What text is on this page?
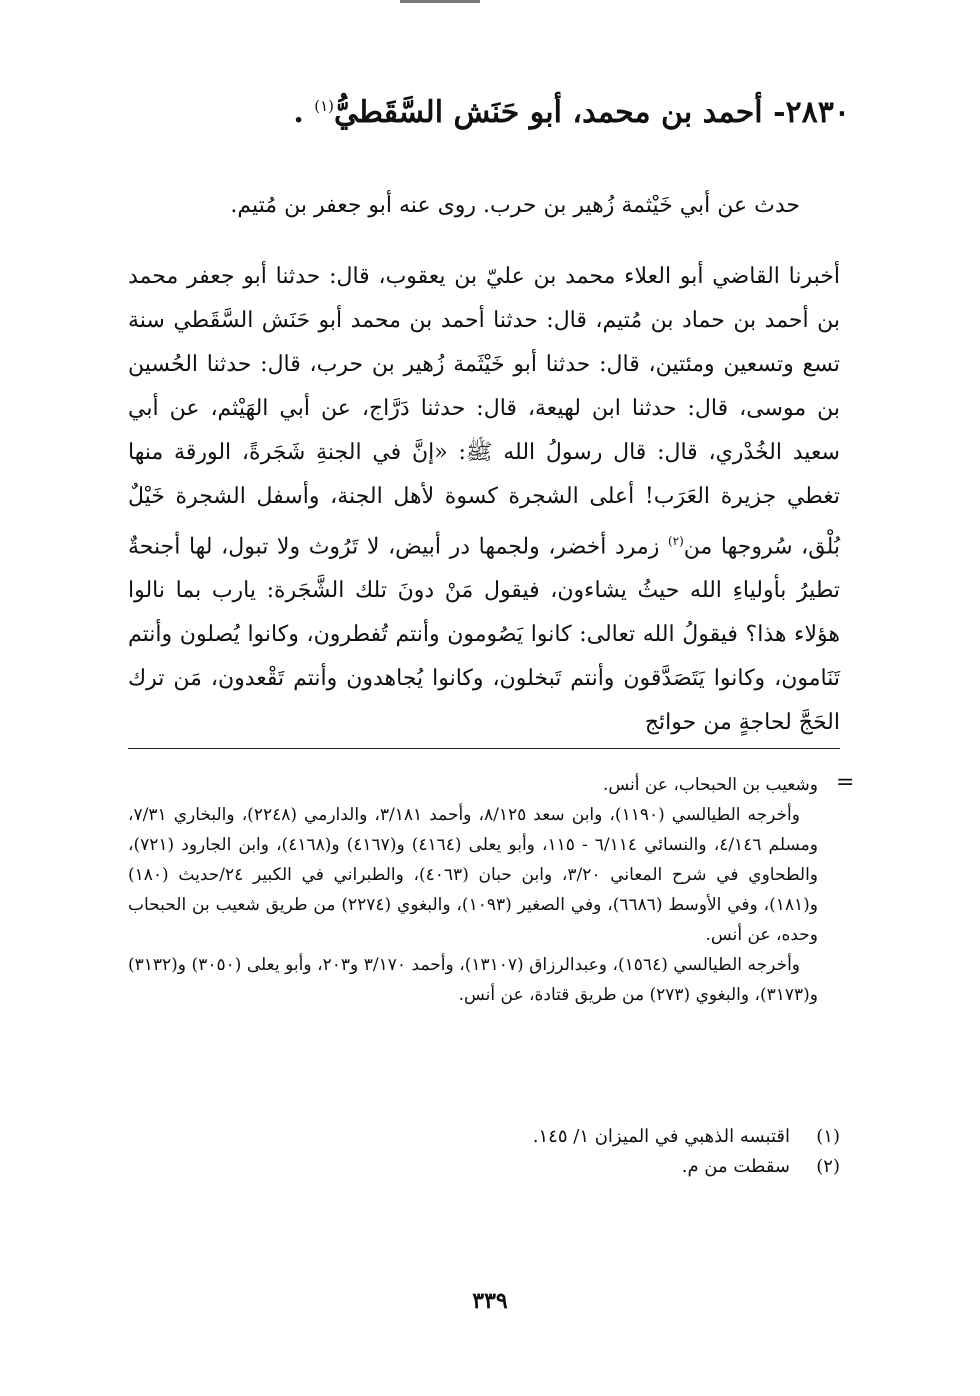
٢٨٣٠- أحمد بن محمد، أبو حَنَش السَّقَطيُّ$^{(١)}$ .
حدث عن أبي خَيْثمة زُهير بن حرب. روى عنه أبو جعفر بن مُتيم.

أخبرنا القاضي أبو العلاء محمد بن عليّ بن يعقوب، قال: حدثنا أبو جعفر محمد بن أحمد بن حماد بن مُتيم، قال: حدثنا أحمد بن محمد أبو حَنَش السَّقَطي سنة تسع وتسعين ومئتين، قال: حدثنا أبو خَيْثَمة زُهير بن حرب، قال: حدثنا الحُسين بن موسى، قال: حدثنا ابن لهيعة، قال: حدثنا دَرَّاج، عن أبي الهَيْثم، عن أبي سعيد الخُدْري، قال: قال رسولُ الله ﷺ: «إنَّ في الجنةِ شَجَرةً، الورقة منها تغطي جزيرة العَرَب! أعلى الشجرة كسوة لأهل الجنة، وأسفل الشجرة خَيْلٌ بُلْق، سُروجها من$^{(٢)}$ زمرد أخضر، ولجمها در أبيض، لا تَرُوث ولا تبول، لها أجنحةٌ تطيرُ بأولياءِ الله حيثُ يشاءون، فيقول مَنْ دونَ تلك الشَّجَرة: يارب بما نالوا هؤلاء هذا؟ فيقولُ الله تعالى: كانوا يَصُومون وأنتم تُفطرون، وكانوا يُصلون وأنتم تَنَامون، وكانوا يَتَصَدَّقون وأنتم تَبخلون، وكانوا يُجاهدون وأنتم تَقْعدون، مَن ترك الحَجَّ لحاجةٍ من حوائج

=

وشعيب بن الحبحاب، عن أنس.

وأخرجه الطيالسي (١١٩٠)، وابن سعد ٨/١٢٥، وأحمد ٣/١٨١، والدارمي (٢٢٤٨)، والبخاري ٧/٣١، ومسلم ٤/١٤٦، والنسائي ٦/١١٤ - ١١٥، وأبو يعلى (٤١٦٤) و(٤١٦٧) و(٤١٦٨)، وابن الجارود (٧٢١)، والطحاوي في شرح المعاني ٣/٢٠، وابن حبان (٤٠٦٣)، والطبراني في الكبير ٢٤/حديث (١٨٠) و(١٨١)، وفي الأوسط (٦٦٨٦)، وفي الصغير (١٠٩٣)، والبغوي (٢٢٧٤) من طريق شعيب بن الحبحاب وحده، عن أنس.

وأخرجه الطيالسي (١٥٦٤)، وعبدالرزاق (١٣١٠٧)، وأحمد ٣/١٧٠ و٢٠٣، وأبو يعلى (٣٠٥٠) و(٣١٣٢) و(٣١٧٣)، والبغوي (٢٧٣) من طريق قتادة، عن أنس.

(١)
اقتبسه الذهبي في الميزان ١/ ١٤٥.
(٢)
سقطت من م.
٣٣٩
